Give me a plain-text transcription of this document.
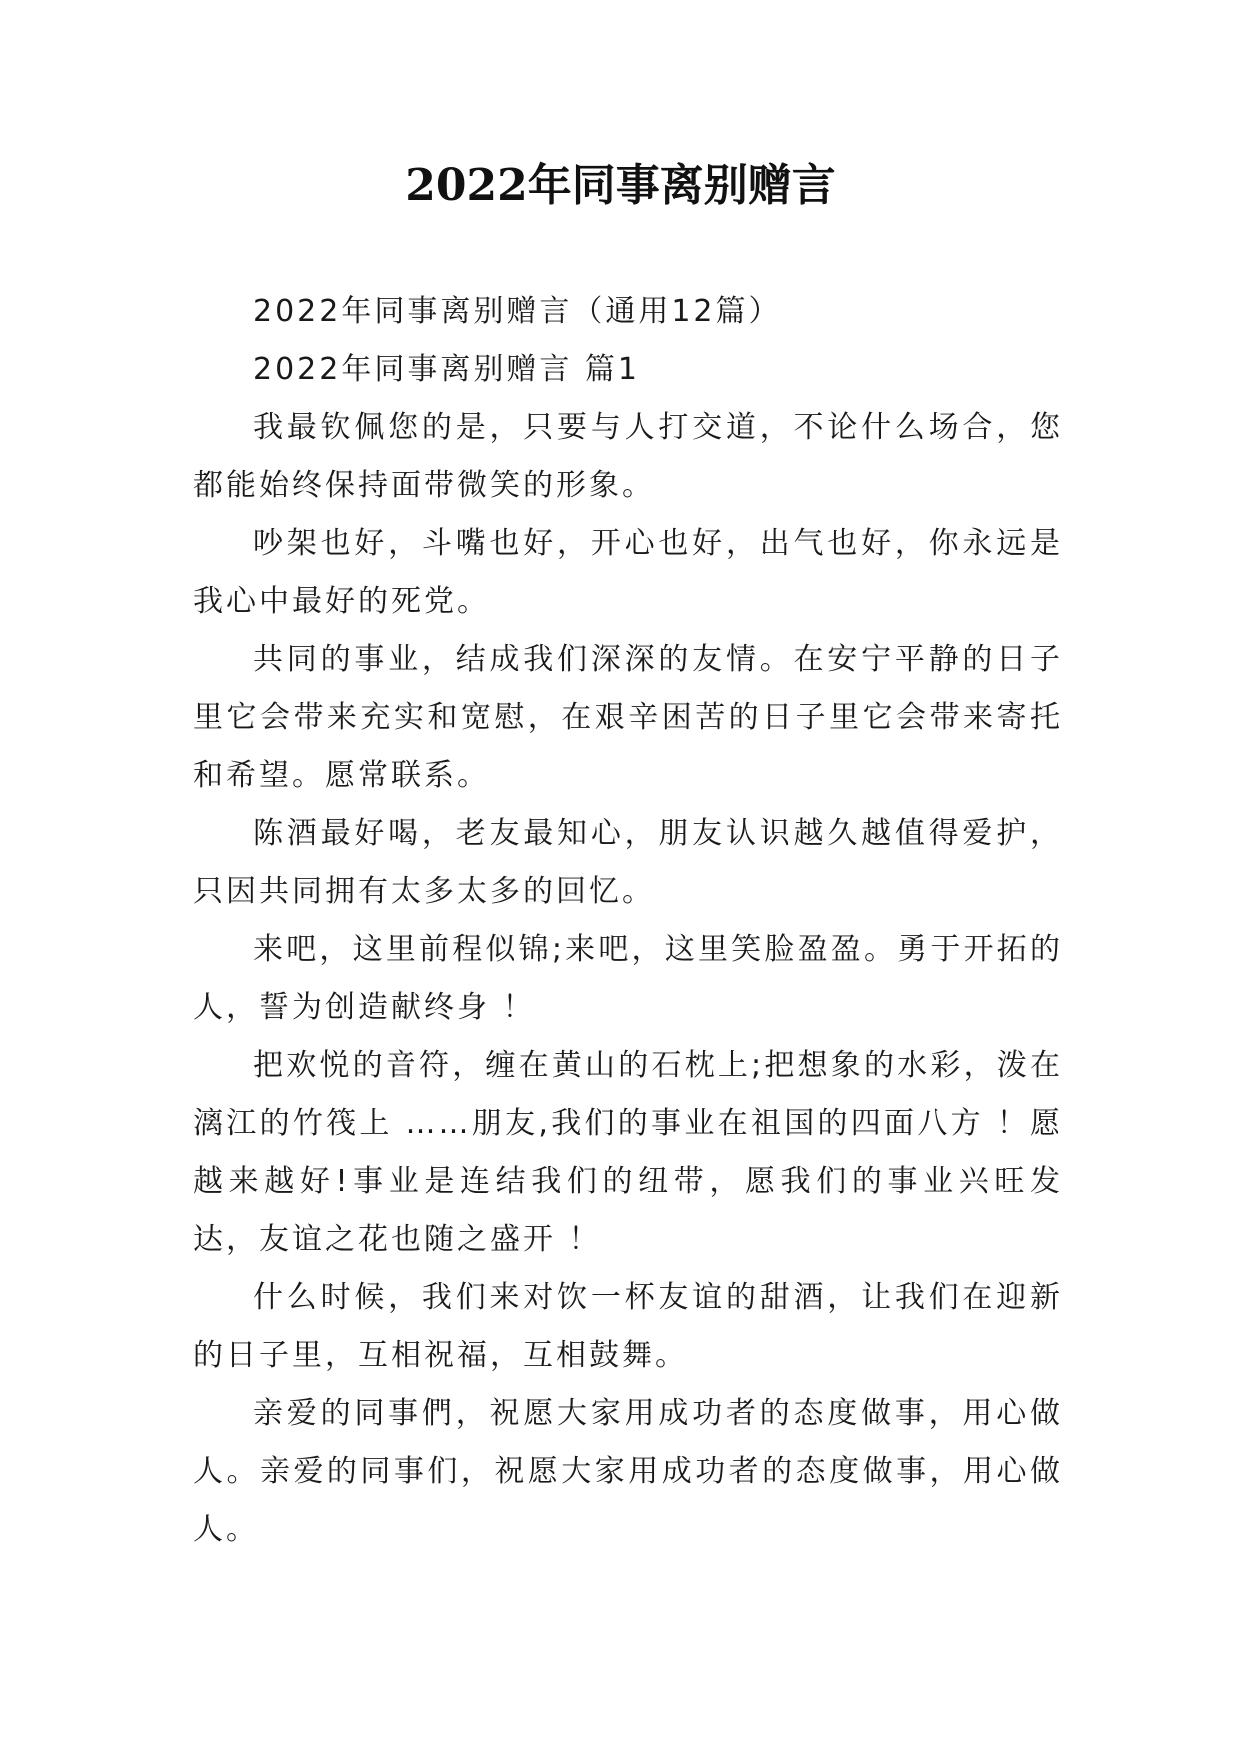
2022年同事离别赠言

2022年同事离别赠言（通用12篇）

2022年同事离别赠言 篇1

我最钦佩您的是，只要与人打交道，不论什么场合，您都能始终保持面带微笑的形象。

吵架也好，斗嘴也好，开心也好，出气也好，你永远是我心中最好的死党。

共同的事业，结成我们深深的友情。在安宁平静的日子里它会带来充实和宽慰，在艰辛困苦的日子里它会带来寄托和希望。愿常联系。

陈酒最好喝，老友最知心，朋友认识越久越值得爱护，只因共同拥有太多太多的回忆。

来吧，这里前程似锦;来吧，这里笑脸盈盈。勇于开拓的人，誓为创造献终身 ！

把欢悦的音符，缠在黄山的石枕上;把想象的水彩，泼在漓江的竹筏上 ……朋友,我们的事业在祖国的四面八方 ！愿越来越好!事业是连结我们的纽带，愿我们的事业兴旺发达，友谊之花也随之盛开 ！

什么时候，我们来对饮一杯友谊的甜酒，让我们在迎新的日子里，互相祝福，互相鼓舞。

亲爱的同事們，祝愿大家用成功者的态度做事，用心做人。亲爱的同事们，祝愿大家用成功者的态度做事，用心做人。
